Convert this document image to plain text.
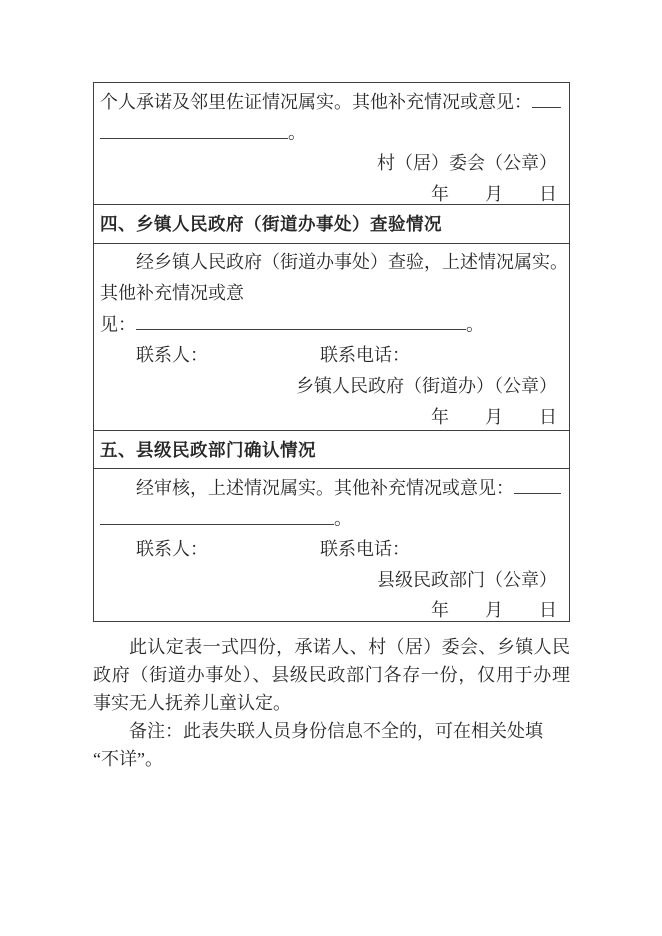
个人承诺及邻里佐证情况属实。其他补充情况或意见：
。
村（居）委会（公章）
年　　月　　日
四、乡镇人民政府（街道办事处）查验情况
经乡镇人民政府（街道办事处）查验，上述情况属实。
其他补充情况或意
见：	。
联系人：	联系电话：
乡镇人民政府（街道办）（公章）
年　　月　　日
五、县级民政部门确认情况
经审核，上述情况属实。其他补充情况或意见：
。
联系人：	联系电话：
县级民政部门（公章）
年　　月　　日
此认定表一式四份，承诺人、村（居）委会、乡镇人民
政府（街道办事处）、县级民政部门各存一份，仅用于办理
事实无人抚养儿童认定。
备注：此表失联人员身份信息不全的，可在相关处填
“不详”。
